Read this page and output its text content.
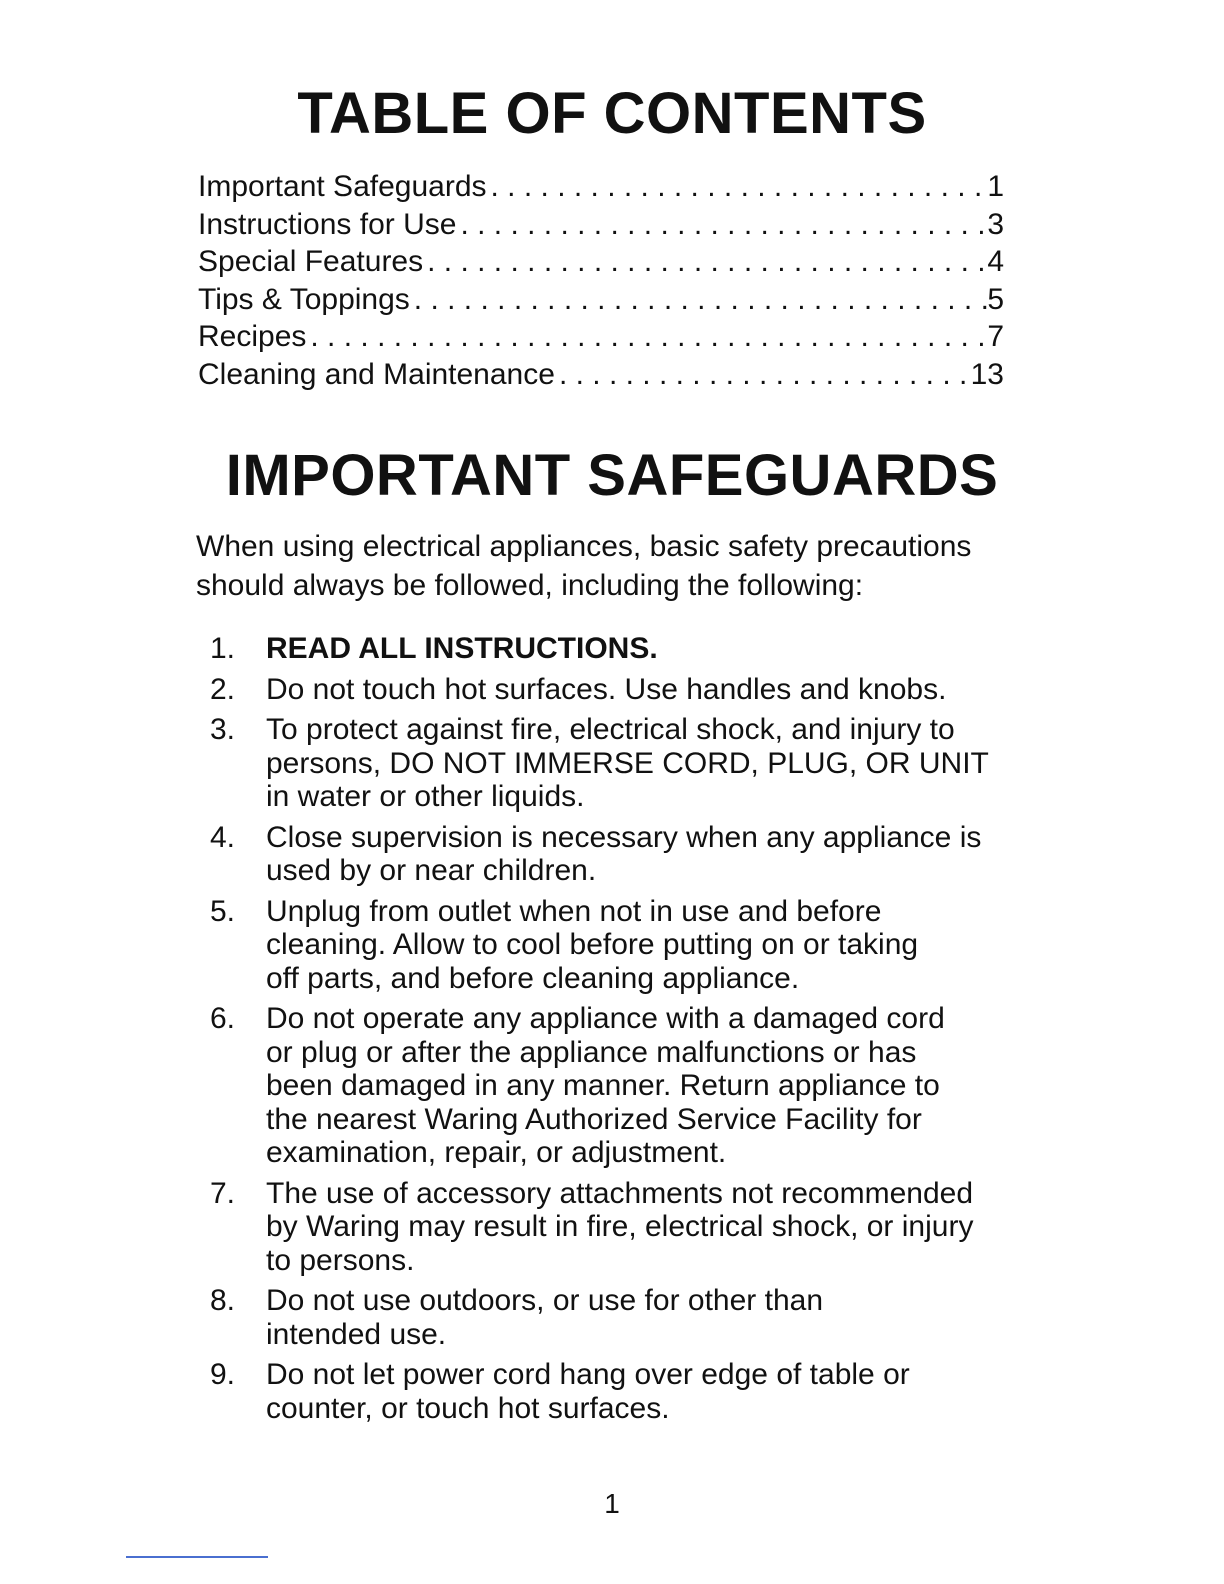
TABLE OF CONTENTS
Important Safeguards . . .	1
Instructions for Use . . .	3
Special Features . . .	4
Tips & Toppings . . .	5
Recipes . . .	7
Cleaning and Maintenance . . .	13
IMPORTANT SAFEGUARDS

When using electrical appliances, basic safety precautions should always be followed, including the following:

1.	READ ALL INSTRUCTIONS.
2.	Do not touch hot surfaces. Use handles and knobs.
3.	To protect against fire, electrical shock, and injury to
persons, DO NOT IMMERSE CORD, PLUG, OR UNIT
in water or other liquids.
4.	Close supervision is necessary when any appliance is
used by or near children.
5.	Unplug from outlet when not in use and before
cleaning. Allow to cool before putting on or taking
off parts, and before cleaning appliance.
6.	Do not operate any appliance with a damaged cord
or plug or after the appliance malfunctions or has
been damaged in any manner. Return appliance to
the nearest Waring Authorized Service Facility for
examination, repair, or adjustment.
7.	The use of accessory attachments not recommended
by Waring may result in fire, electrical shock, or injury
to persons.
8.	Do not use outdoors, or use for other than
intended use.
9.	Do not let power cord hang over edge of table or
counter, or touch hot surfaces.

1
